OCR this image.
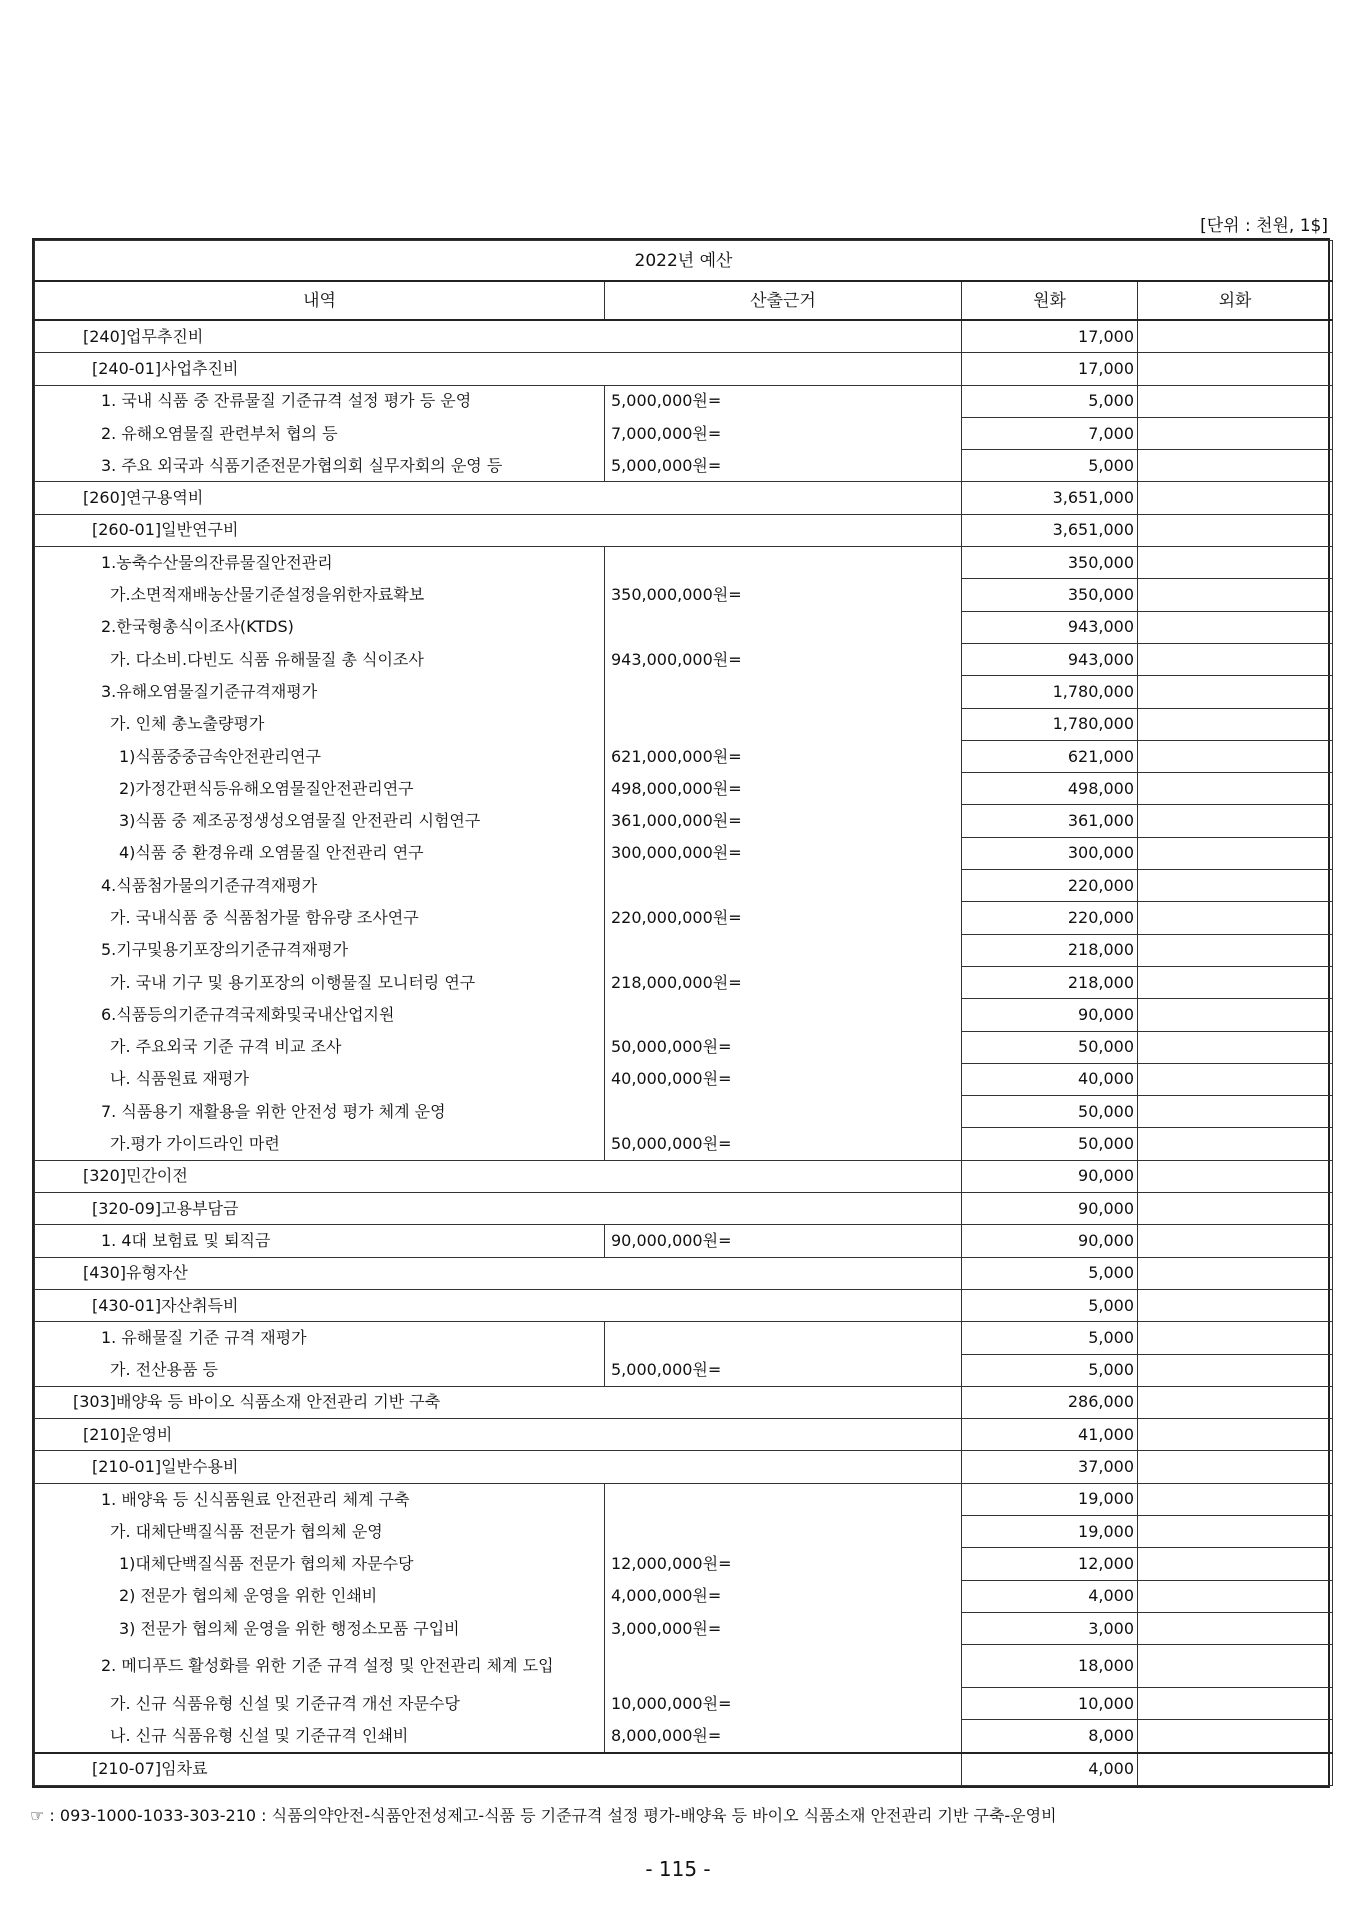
[단위 : 천원, 1$]
2022년 예산			
내역	산출근거	원화	외화
[240]업무추진비		17,000	
[240-01]사업추진비		17,000	
1. 국내 식품 중 잔류물질 기준규격 설정 평가 등 운영	5,000,000원=	5,000	
2. 유해오염물질 관련부처 협의 등	7,000,000원=	7,000	
3. 주요 외국과 식품기준전문가협의회 실무자회의 운영 등	5,000,000원=	5,000	
[260]연구용역비		3,651,000	
[260-01]일반연구비		3,651,000	
1.농축수산물의잔류물질안전관리		350,000	
가.소면적재배농산물기준설정을위한자료확보	350,000,000원=	350,000	
2.한국형총식이조사(KTDS)		943,000	
가. 다소비.다빈도 식품 유해물질 총 식이조사	943,000,000원=	943,000	
3.유해오염물질기준규격재평가		1,780,000	
가. 인체 총노출량평가		1,780,000	
1)식품중중금속안전관리연구	621,000,000원=	621,000	
2)가정간편식등유해오염물질안전관리연구	498,000,000원=	498,000	
3)식품 중 제조공정생성오염물질 안전관리 시험연구	361,000,000원=	361,000	
4)식품 중 환경유래 오염물질 안전관리 연구	300,000,000원=	300,000	
4.식품첨가물의기준규격재평가		220,000	
가. 국내식품 중 식품첨가물 함유량 조사연구	220,000,000원=	220,000	
5.기구및용기포장의기준규격재평가		218,000	
가. 국내 기구 및 용기포장의 이행물질 모니터링 연구	218,000,000원=	218,000	
6.식품등의기준규격국제화및국내산업지원		90,000	
가. 주요외국 기준 규격 비교 조사	50,000,000원=	50,000	
나. 식품원료 재평가	40,000,000원=	40,000	
7. 식품용기 재활용을 위한 안전성 평가 체계 운영		50,000	
가.평가 가이드라인 마련	50,000,000원=	50,000	
[320]민간이전		90,000	
[320-09]고용부담금		90,000	
1. 4대 보험료 및 퇴직금	90,000,000원=	90,000	
[430]유형자산		5,000	
[430-01]자산취득비		5,000	
1. 유해물질 기준 규격 재평가		5,000	
가. 전산용품 등	5,000,000원=	5,000	
[303]배양육 등 바이오 식품소재 안전관리 기반 구축		286,000	
[210]운영비		41,000	
[210-01]일반수용비		37,000	
1. 배양육 등 신식품원료 안전관리 체계 구축		19,000	
가. 대체단백질식품 전문가 협의체 운영		19,000	
1)대체단백질식품 전문가 협의체 자문수당	12,000,000원=	12,000	
2) 전문가 협의체 운영을 위한 인쇄비	4,000,000원=	4,000	
3) 전문가 협의체 운영을 위한 행정소모품 구입비	3,000,000원=	3,000	
2. 메디푸드 활성화를 위한 기준 규격 설정 및 안전관리 체계 도입		18,000	
가. 신규 식품유형 신설 및 기준규격 개선 자문수당	10,000,000원=	10,000	
나. 신규 식품유형 신설 및 기준규격 인쇄비	8,000,000원=	8,000	
[210-07]임차료		4,000	
☞ : 093-1000-1033-303-210 : 식품의약안전-식품안전성제고-식품 등 기준규격 설정 평가-배양육 등 바이오 식품소재 안전관리 기반 구축-운영비
- 115 -
